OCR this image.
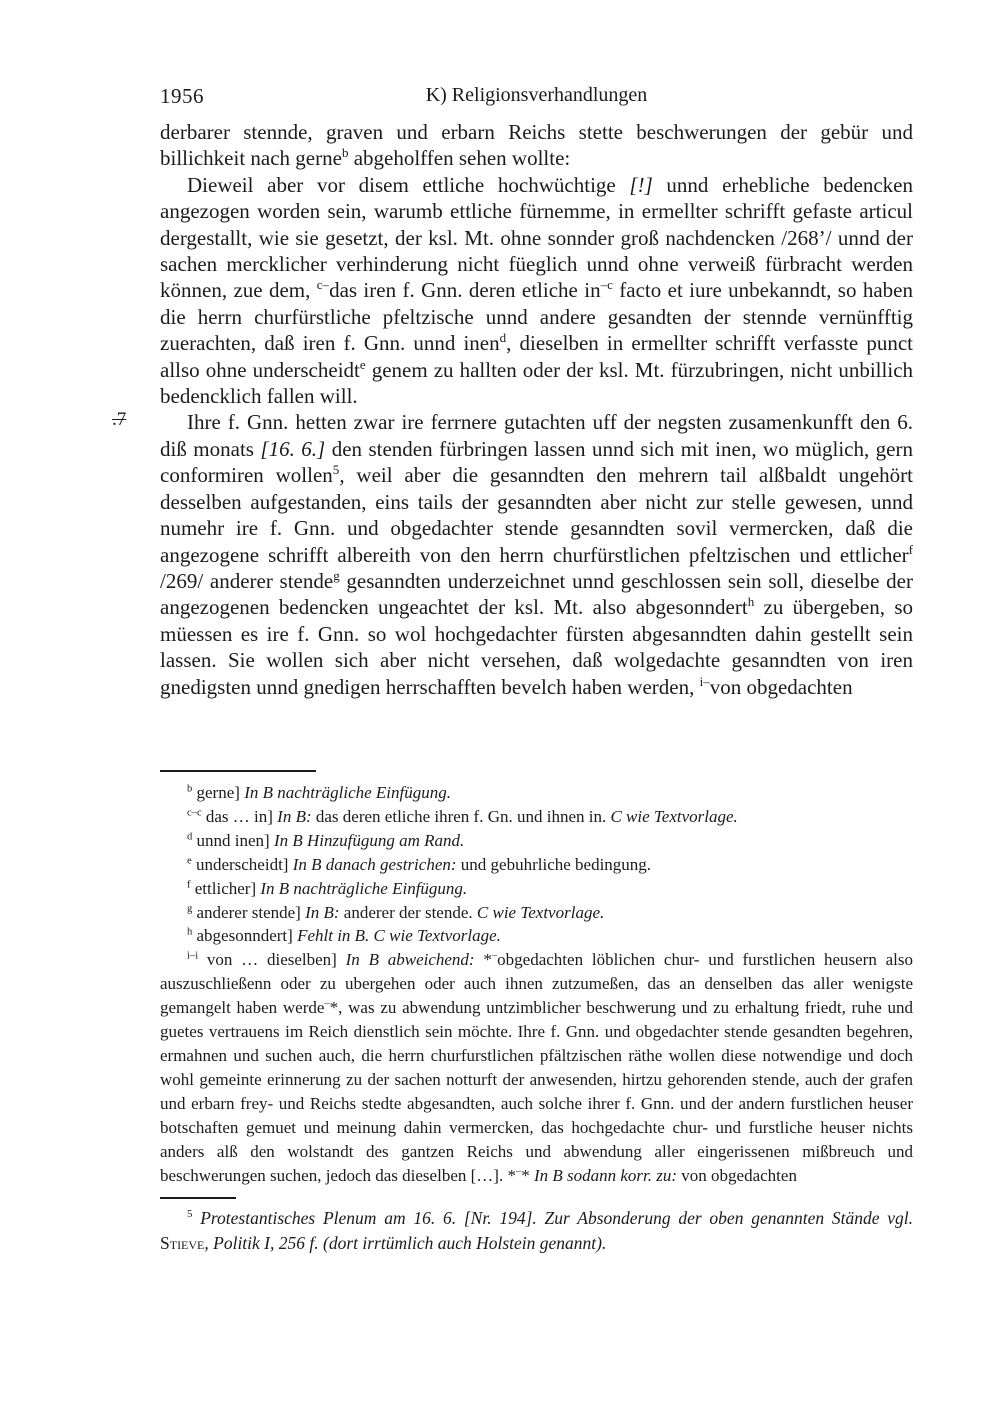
1956	K) Religionsverhandlungen
.7

derbarer stennde, graven und erbarn Reichs stette beschwerungen der gebür und billichkeit nach gerne$^b$ abgeholffen sehen wollte:

Dieweil aber vor disem ettliche hochwüchtige [!] unnd erhebliche bedencken angezogen worden sein, warumb ettliche fürnemme, in ermellter schrifft gefaste articul dergestallt, wie sie gesetzt, der ksl. Mt. ohne sonnder groß nachdencken /268’/ unnd der sachen mercklicher verhinderung nicht füeglich unnd ohne verweiß fürbracht werden können, zue dem, $^{c-}$das iren f. Gnn. deren etliche $in^{-c}$ facto et iure unbekanndt, so haben die herrn churfürstliche pfeltzische unnd andere gesandten der stennde vernünfftig zuerachten, daß iren f. Gnn. unnd inen$^d$, dieselben in ermellter schrifft verfasste punct allso ohne underscheidt$^e$ genem zu hallten oder der ksl. Mt. fürzubringen, nicht unbillich bedencklich fallen will.

Ihre f. Gnn. hetten zwar ire ferrnere gutachten uff der negsten zusamenkunfft den 6. diß monats [16. 6.] den stenden fürbringen lassen unnd sich mit inen, wo müglich, gern conformiren wollen$^5$, weil aber die gesanndten den mehrern tail alßbaldt ungehört desselben aufgestanden, eins tails der gesanndten aber nicht zur stelle gewesen, unnd numehr ire f. Gnn. und obgedachter stende gesanndten sovil vermercken, daß die angezogene schrifft albereith von den herrn churfürstlichen pfeltzischen und ettlicher$^f$ /269/ anderer stende$^g$ gesanndten underzeichnet unnd geschlossen sein soll, dieselbe der angezogenen bedencken ungeachtet der ksl. Mt. also abgesonndert$^h$ zu übergeben, so müessen es ire f. Gnn. so wol hochgedachter fürsten abgesanndten dahin gestellt sein lassen. Sie wollen sich aber nicht versehen, daß wolgedachte gesanndten von iren gnedigsten unnd gnedigen herrschafften bevelch haben werden, $^{i-}$von obgedachten

$^b$ gerne] In B nachträgliche Einfügung.

$^{c-c}$ das … in] In B: das deren etliche ihren f. Gn. und ihnen in. C wie Textvorlage.

$^d$ unnd inen] In B Hinzufügung am Rand.

$^e$ underscheidt] In B danach gestrichen: und gebuhrliche bedingung.

$^f$ ettlicher] In B nachträgliche Einfügung.

$^g$ anderer stende] In B: anderer der stende. C wie Textvorlage.

$^h$ abgesonndert] Fehlt in B. C wie Textvorlage.

$^{i-i}$ von … dieselben] In B abweichend: *–obgedachten löblichen chur- und furstlichen heusern also auszuschließenn oder zu ubergehen oder auch ihnen zutzumeßen, das an denselben das aller wenigste gemangelt haben werde–*, was zu abwendung untzimblicher beschwerung und zu erhaltung friedt, ruhe und guetes vertrauens im Reich dienstlich sein möchte. Ihre f. Gnn. und obgedachter stende gesandten begehren, ermahnen und suchen auch, die herrn churfurstlichen pfältzischen räthe wollen diese notwendige und doch wohl gemeinte erinnerung zu der sachen notturft der anwesenden, hirtzu gehorenden stende, auch der grafen und erbarn frey- und Reichs stedte abgesandten, auch solche ihrer f. Gnn. und der andern furstlichen heuser botschaften gemuet und meinung dahin vermercken, das hochgedachte chur- und furstliche heuser nichts anders alß den wolstandt des gantzen Reichs und abwendung aller eingerissenen mißbreuch und beschwerungen suchen, jedoch das dieselben […]. *–* In B sodann korr. zu: von obgedachten

$^5$ Protestantisches Plenum am 16. 6. [Nr. 194]. Zur Absonderung der oben genannten Stände vgl. Stieve, Politik I, 256 f. (dort irrtümlich auch Holstein genannt).
